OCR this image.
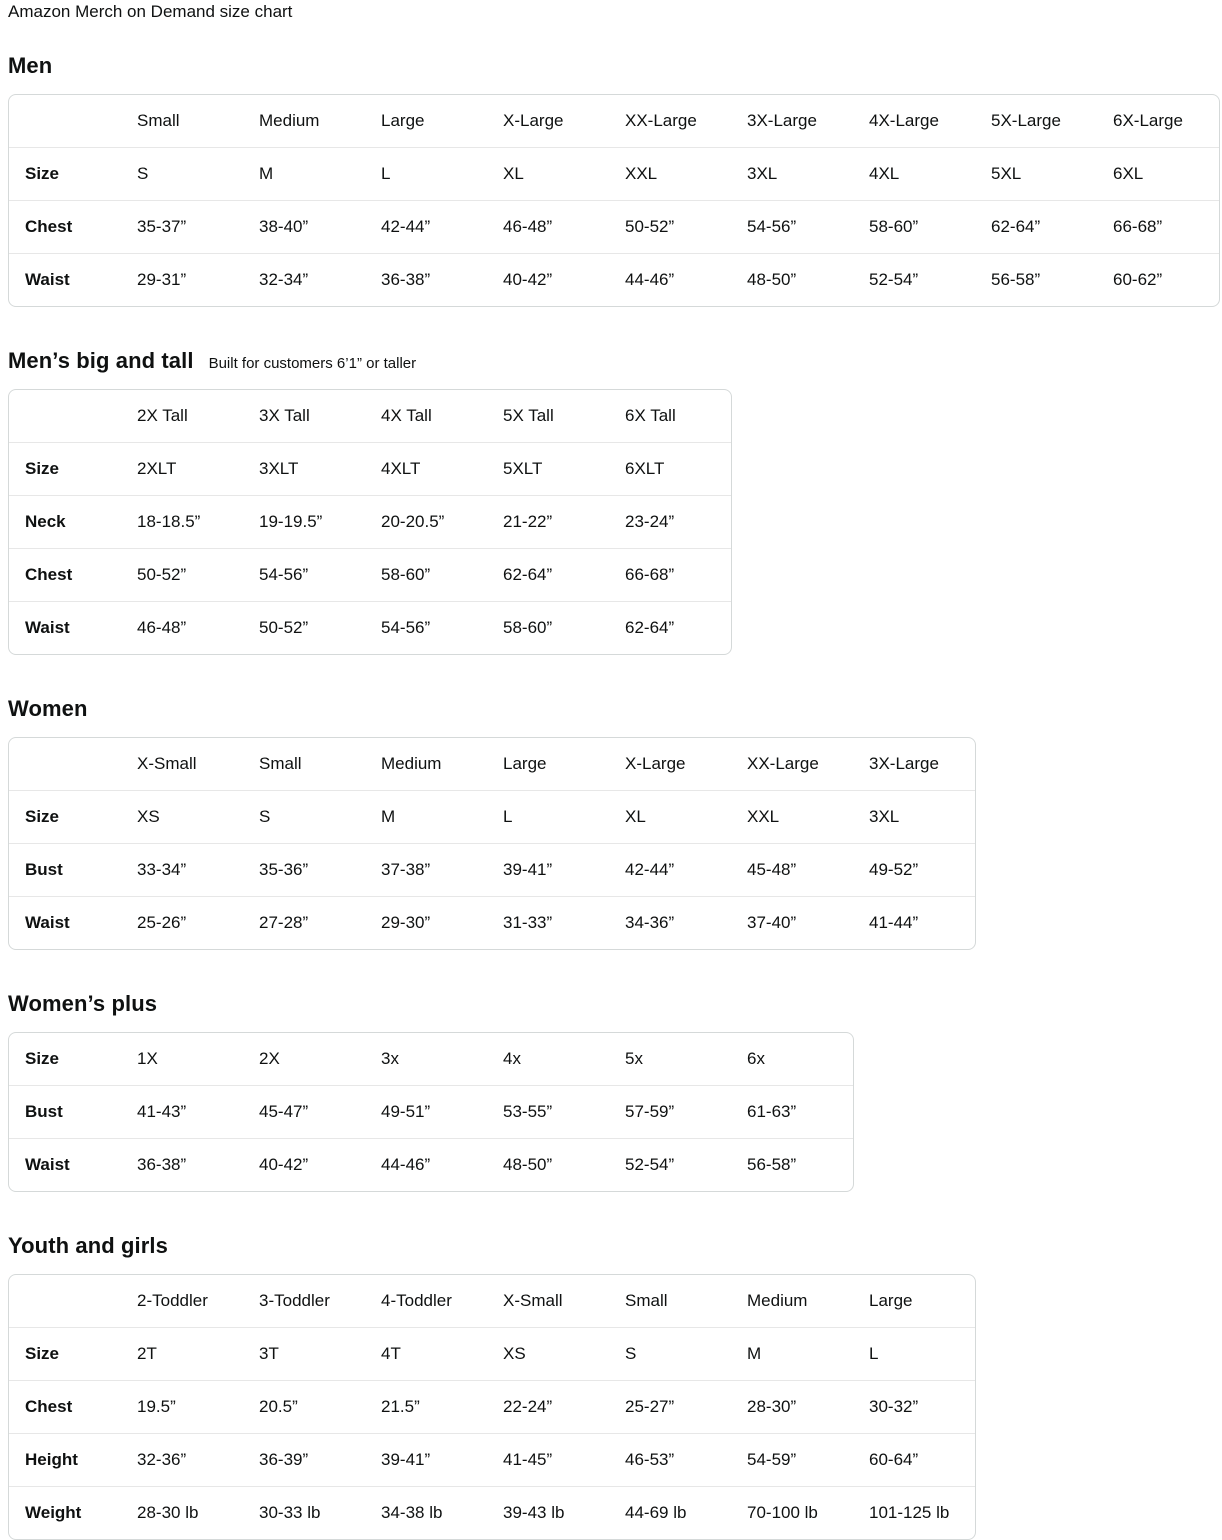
Amazon Merch on Demand size chart

Men
	Small	Medium	Large	X-Large	XX-Large	3X-Large	4X-Large	5X-Large	6X-Large
Size	S	M	L	XL	XXL	3XL	4XL	5XL	6XL
Chest	35-37”	38-40”	42-44”	46-48”	50-52”	54-56”	58-60”	62-64”	66-68”
Waist	29-31”	32-34”	36-38”	40-42”	44-46”	48-50”	52-54”	56-58”	60-62”
Men’s big and tall Built for customers 6’1” or taller
	2X Tall	3X Tall	4X Tall	5X Tall	6X Tall
Size	2XLT	3XLT	4XLT	5XLT	6XLT
Neck	18-18.5”	19-19.5”	20-20.5”	21-22”	23-24”
Chest	50-52”	54-56”	58-60”	62-64”	66-68”
Waist	46-48”	50-52”	54-56”	58-60”	62-64”
Women
	X-Small	Small	Medium	Large	X-Large	XX-Large	3X-Large
Size	XS	S	M	L	XL	XXL	3XL
Bust	33-34”	35-36”	37-38”	39-41”	42-44”	45-48”	49-52”
Waist	25-26”	27-28”	29-30”	31-33”	34-36”	37-40”	41-44”
Women’s plus
Size	1X	2X	3x	4x	5x	6x
Bust	41-43”	45-47”	49-51”	53-55”	57-59”	61-63”
Waist	36-38”	40-42”	44-46”	48-50”	52-54”	56-58”
Youth and girls
	2-Toddler	3-Toddler	4-Toddler	X-Small	Small	Medium	Large
Size	2T	3T	4T	XS	S	M	L
Chest	19.5”	20.5”	21.5”	22-24”	25-27”	28-30”	30-32”
Height	32-36”	36-39”	39-41”	41-45”	46-53”	54-59”	60-64”
Weight	28-30 lb	30-33 lb	34-38 lb	39-43 lb	44-69 lb	70-100 lb	101-125 lb
